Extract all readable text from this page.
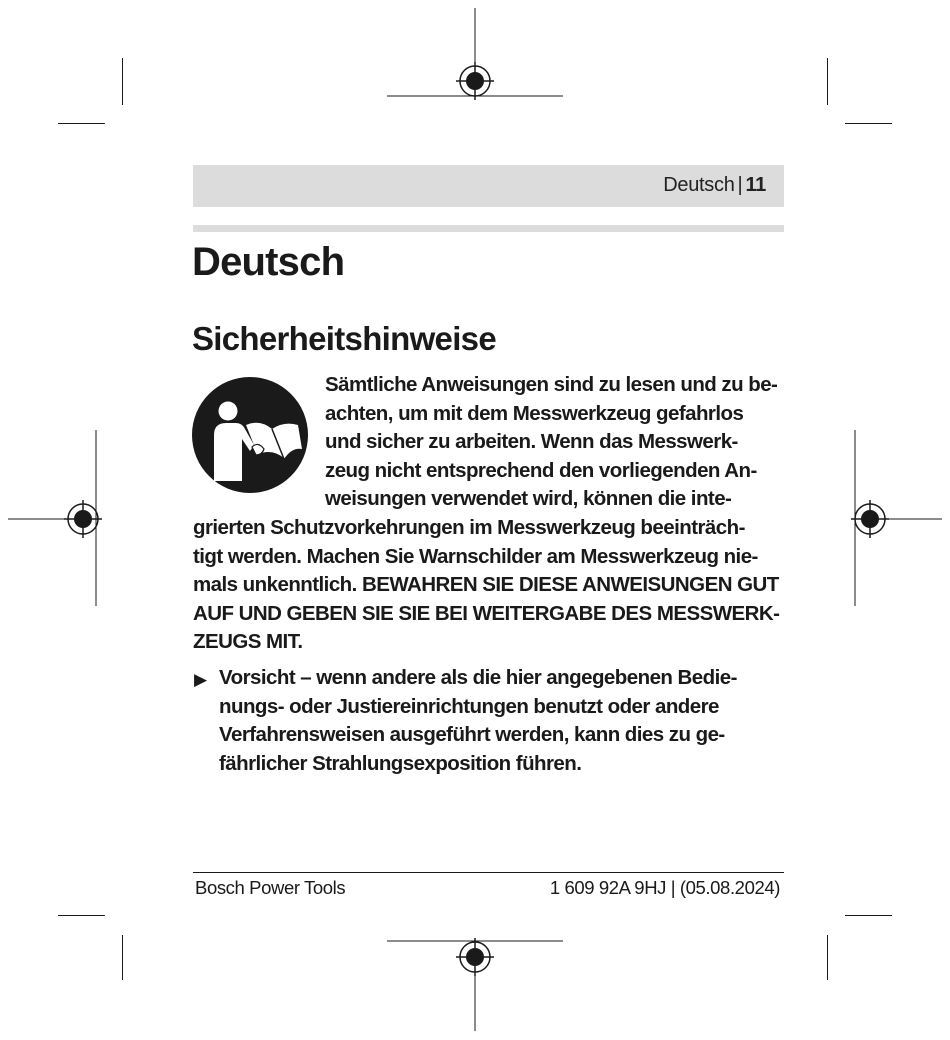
Deutsch | 11
Deutsch
Sicherheitshinweise
Sämtliche Anweisungen sind zu lesen und zu be-
achten, um mit dem Messwerkzeug gefahrlos
und sicher zu arbeiten. Wenn das Messwerk-
zeug nicht entsprechend den vorliegenden An-
weisungen verwendet wird, können die inte-
grierten Schutzvorkehrungen im Messwerkzeug beeinträch-
tigt werden. Machen Sie Warnschilder am Messwerkzeug nie-
mals unkenntlich. BEWAHREN SIE DIESE ANWEISUNGEN GUT
AUF UND GEBEN SIE SIE BEI WEITERGABE DES MESSWERK-
ZEUGS MIT.
▶ Vorsicht – wenn andere als die hier angegebenen Bedie-
nungs- oder Justiereinrichtungen benutzt oder andere
Verfahrensweisen ausgeführt werden, kann dies zu ge-
fährlicher Strahlungsexposition führen.
Bosch Power Tools	1 609 92A 9HJ | (05.08.2024)
